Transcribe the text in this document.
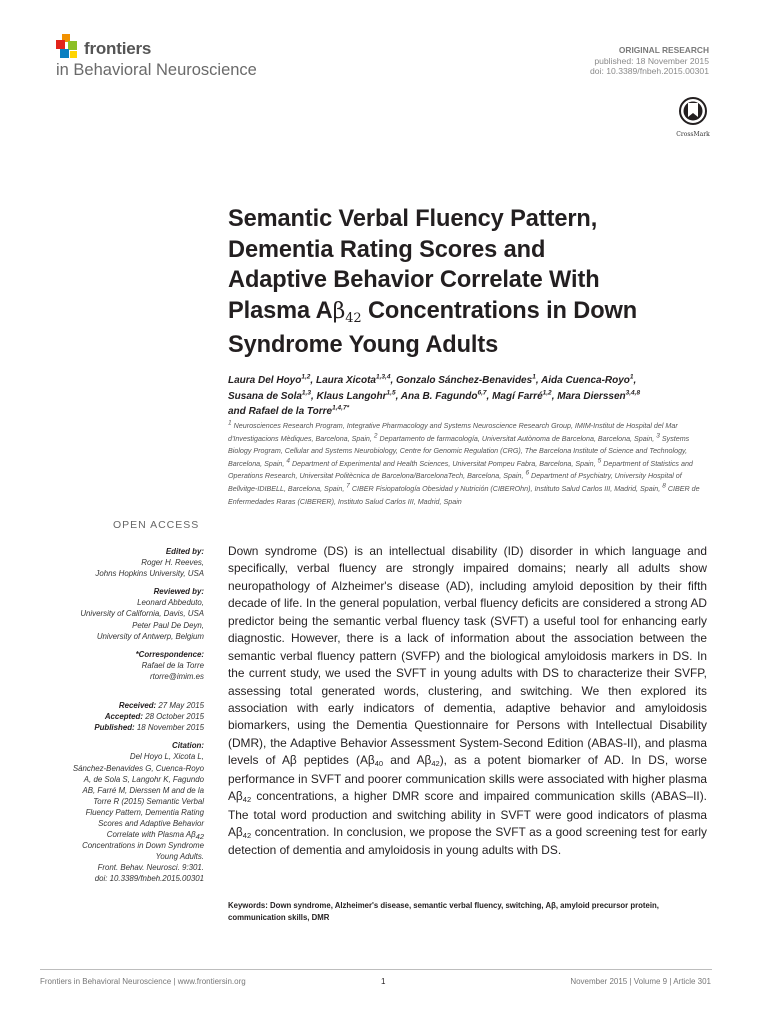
frontiers
in Behavioral Neuroscience
ORIGINAL RESEARCH
published: 18 November 2015
doi: 10.3389/fnbeh.2015.00301
CrossMark
Semantic Verbal Fluency Pattern,
Dementia Rating Scores and
Adaptive Behavior Correlate With
Plasma Aβ42 Concentrations in Down
Syndrome Young Adults
Laura Del Hoyo$^{1,2}$, Laura Xicota$^{1,3,4}$, Gonzalo Sánchez-Benavides$^1$, Aida Cuenca-Royo$^1$,
Susana de Sola$^{1,3}$, Klaus Langohr$^{1,5}$, Ana B. Fagundo$^{6,7}$, Magí Farré$^{1,2}$, Mara Dierssen$^{3,4,8}$
and Rafael de la Torre$^{1,4,7*}$
$^1$ Neurosciences Research Program, Integrative Pharmacology and Systems Neuroscience Research Group, IMIM-Institut de Hospital del Mar d'Investigacions Mèdiques, Barcelona, Spain, $^2$ Departamento de farmacología, Universitat Autònoma de Barcelona, Barcelona, Spain, $^3$ Systems Biology Program, Cellular and Systems Neurobiology, Centre for Genomic Regulation (CRG), The Barcelona Institute of Science and Technology, Barcelona, Spain, $^4$ Department of Experimental and Health Sciences, Universitat Pompeu Fabra, Barcelona, Spain, $^5$ Department of Statistics and Operations Research, Universitat Politècnica de Barcelona/BarcelonaTech, Barcelona, Spain, $^6$ Department of Psychiatry, University Hospital of Bellvitge-IDIBELL, Barcelona, Spain, $^7$ CIBER Fisiopatología Obesidad y Nutrición (CIBEROhn), Instituto Salud Carlos III, Madrid, Spain, $^8$ CIBER de Enfermedades Raras (CIBERER), Instituto Salud Carlos III, Madrid, Spain
OPEN ACCESS
Edited by:
Roger H. Reeves,
Johns Hopkins University, USA
Reviewed by:
Leonard Abbeduto,
University of California, Davis, USA
Peter Paul De Deyn,
University of Antwerp, Belgium
*Correspondence:
Rafael de la Torre
rtorre@imim.es
Received: 27 May 2015
Accepted: 28 October 2015
Published: 18 November 2015
Citation:
Del Hoyo L, Xicota L,
Sánchez-Benavides G, Cuenca-Royo
A, de Sola S, Langohr K, Fagundo
AB, Farré M, Dierssen M and de la
Torre R (2015) Semantic Verbal
Fluency Pattern, Dementia Rating
Scores and Adaptive Behavior
Correlate with Plasma Aβ42
Concentrations in Down Syndrome
Young Adults.
Front. Behav. Neurosci. 9:301.
doi: 10.3389/fnbeh.2015.00301
Down syndrome (DS) is an intellectual disability (ID) disorder in which language and specifically, verbal fluency are strongly impaired domains; nearly all adults show neuropathology of Alzheimer's disease (AD), including amyloid deposition by their fifth decade of life. In the general population, verbal fluency deficits are considered a strong AD predictor being the semantic verbal fluency task (SVFT) a useful tool for enhancing early diagnostic. However, there is a lack of information about the association between the semantic verbal fluency pattern (SVFP) and the biological amyloidosis markers in DS. In the current study, we used the SVFT in young adults with DS to characterize their SVFP, assessing total generated words, clustering, and switching. We then explored its association with early indicators of dementia, adaptive behavior and amyloidosis biomarkers, using the Dementia Questionnaire for Persons with Intellectual Disability (DMR), the Adaptive Behavior Assessment System-Second Edition (ABAS-II), and plasma levels of Aβ peptides (Aβ40 and Aβ42), as a potent biomarker of AD. In DS, worse performance in SVFT and poorer communication skills were associated with higher plasma Aβ42 concentrations, a higher DMR score and impaired communication skills (ABAS–II). The total word production and switching ability in SVFT were good indicators of plasma Aβ42 concentration. In conclusion, we propose the SVFT as a good screening test for early detection of dementia and amyloidosis in young adults with DS.
Keywords: Down syndrome, Alzheimer's disease, semantic verbal fluency, switching, Aβ, amyloid precursor protein, communication skills, DMR
Frontiers in Behavioral Neuroscience | www.frontiersin.org	1	November 2015 | Volume 9 | Article 301
